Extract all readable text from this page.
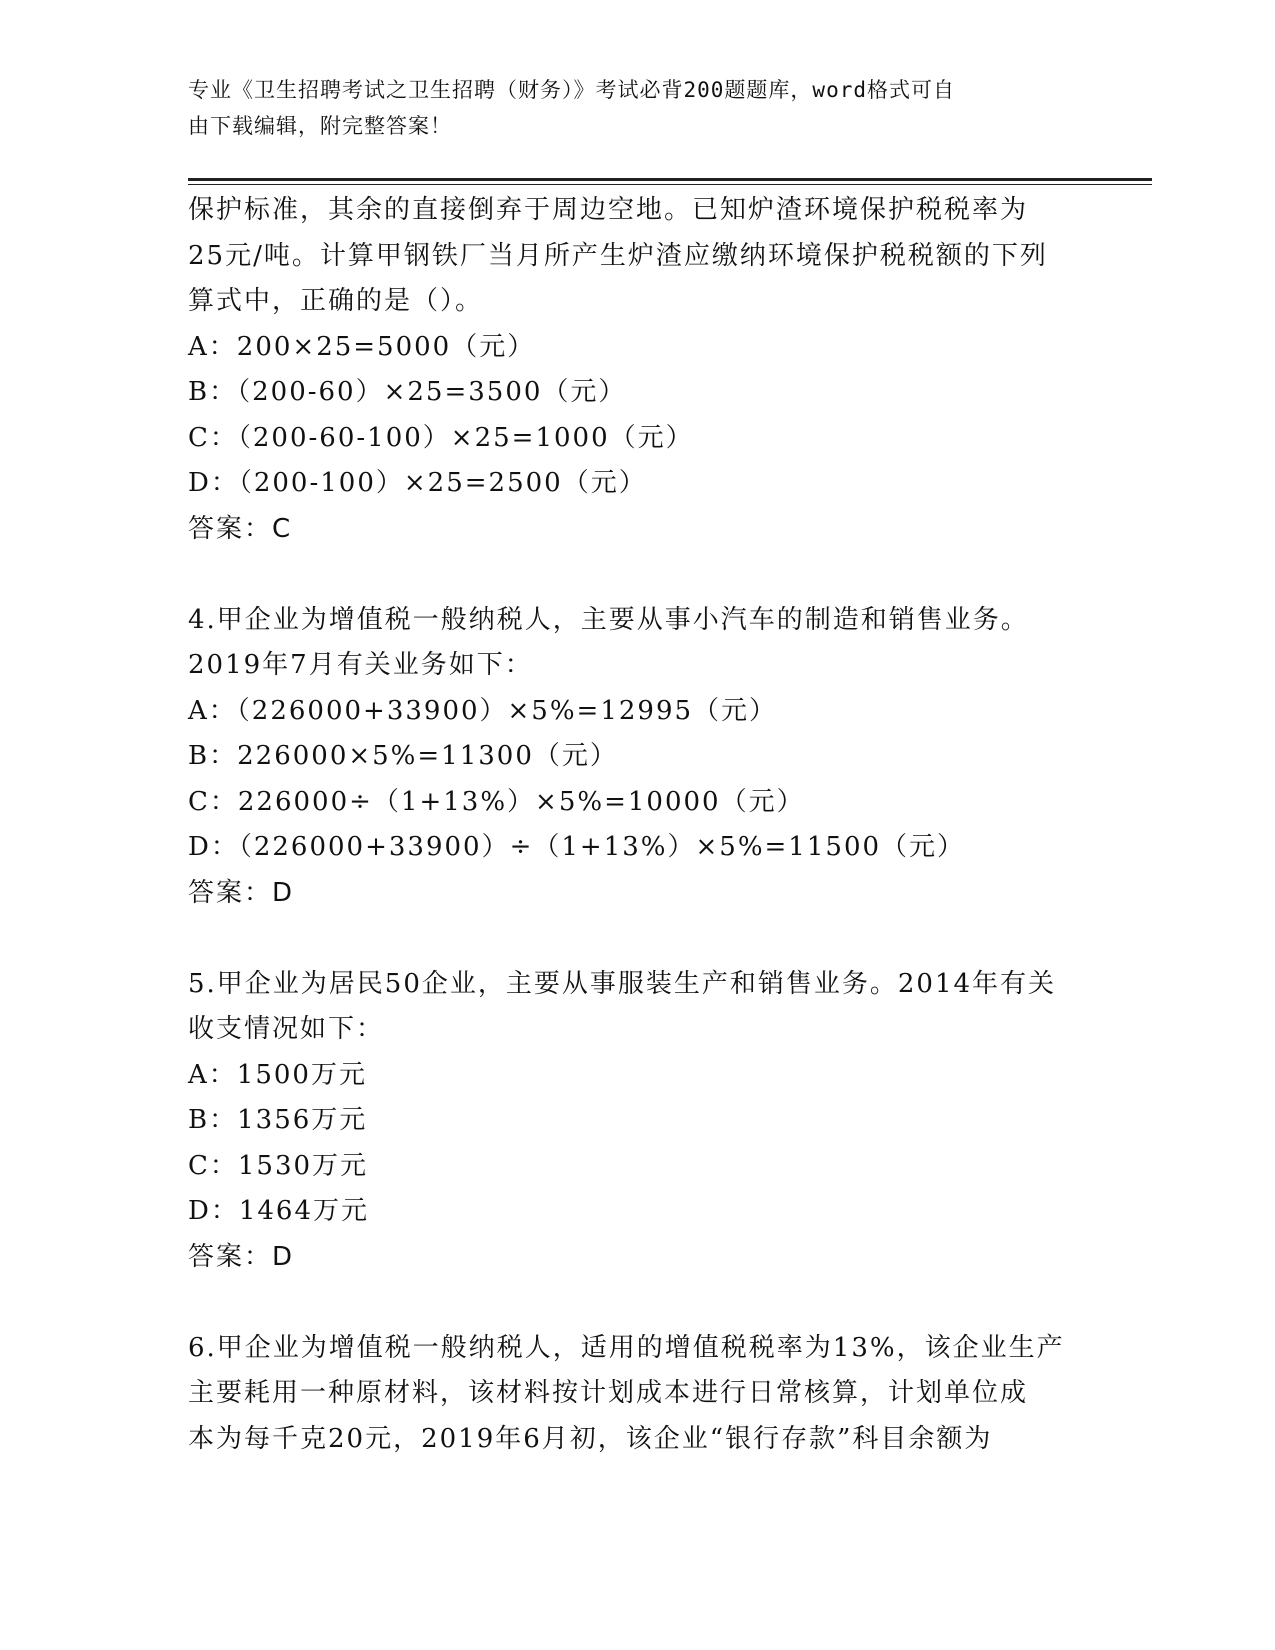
专业《卫生招聘考试之卫生招聘（财务）》考试必背200题题库，word格式可自
由下载编辑，附完整答案！
保护标准，其余的直接倒弃于周边空地。已知炉渣环境保护税税率为
25元/吨。计算甲钢铁厂当月所产生炉渣应缴纳环境保护税税额的下列
算式中，正确的是（）。
A：200×25=5000（元）
B：（200-60）×25=3500（元）
C：（200-60-100）×25=1000（元）
D：（200-100）×25=2500（元）
答案：C
4.甲企业为增值税一般纳税人，主要从事小汽车的制造和销售业务。
2019年7月有关业务如下：
A：（226000+33900）×5%=12995（元）
B：226000×5%=11300（元）
C：226000÷（1+13%）×5%=10000（元）
D：（226000+33900）÷（1+13%）×5%=11500（元）
答案：D
5.甲企业为居民50企业，主要从事服装生产和销售业务。2014年有关
收支情况如下：
A：1500万元
B：1356万元
C：1530万元
D：1464万元
答案：D
6.甲企业为增值税一般纳税人，适用的增值税税率为13%，该企业生产
主要耗用一种原材料，该材料按计划成本进行日常核算，计划单位成
本为每千克20元，2019年6月初，该企业“银行存款”科目余额为
